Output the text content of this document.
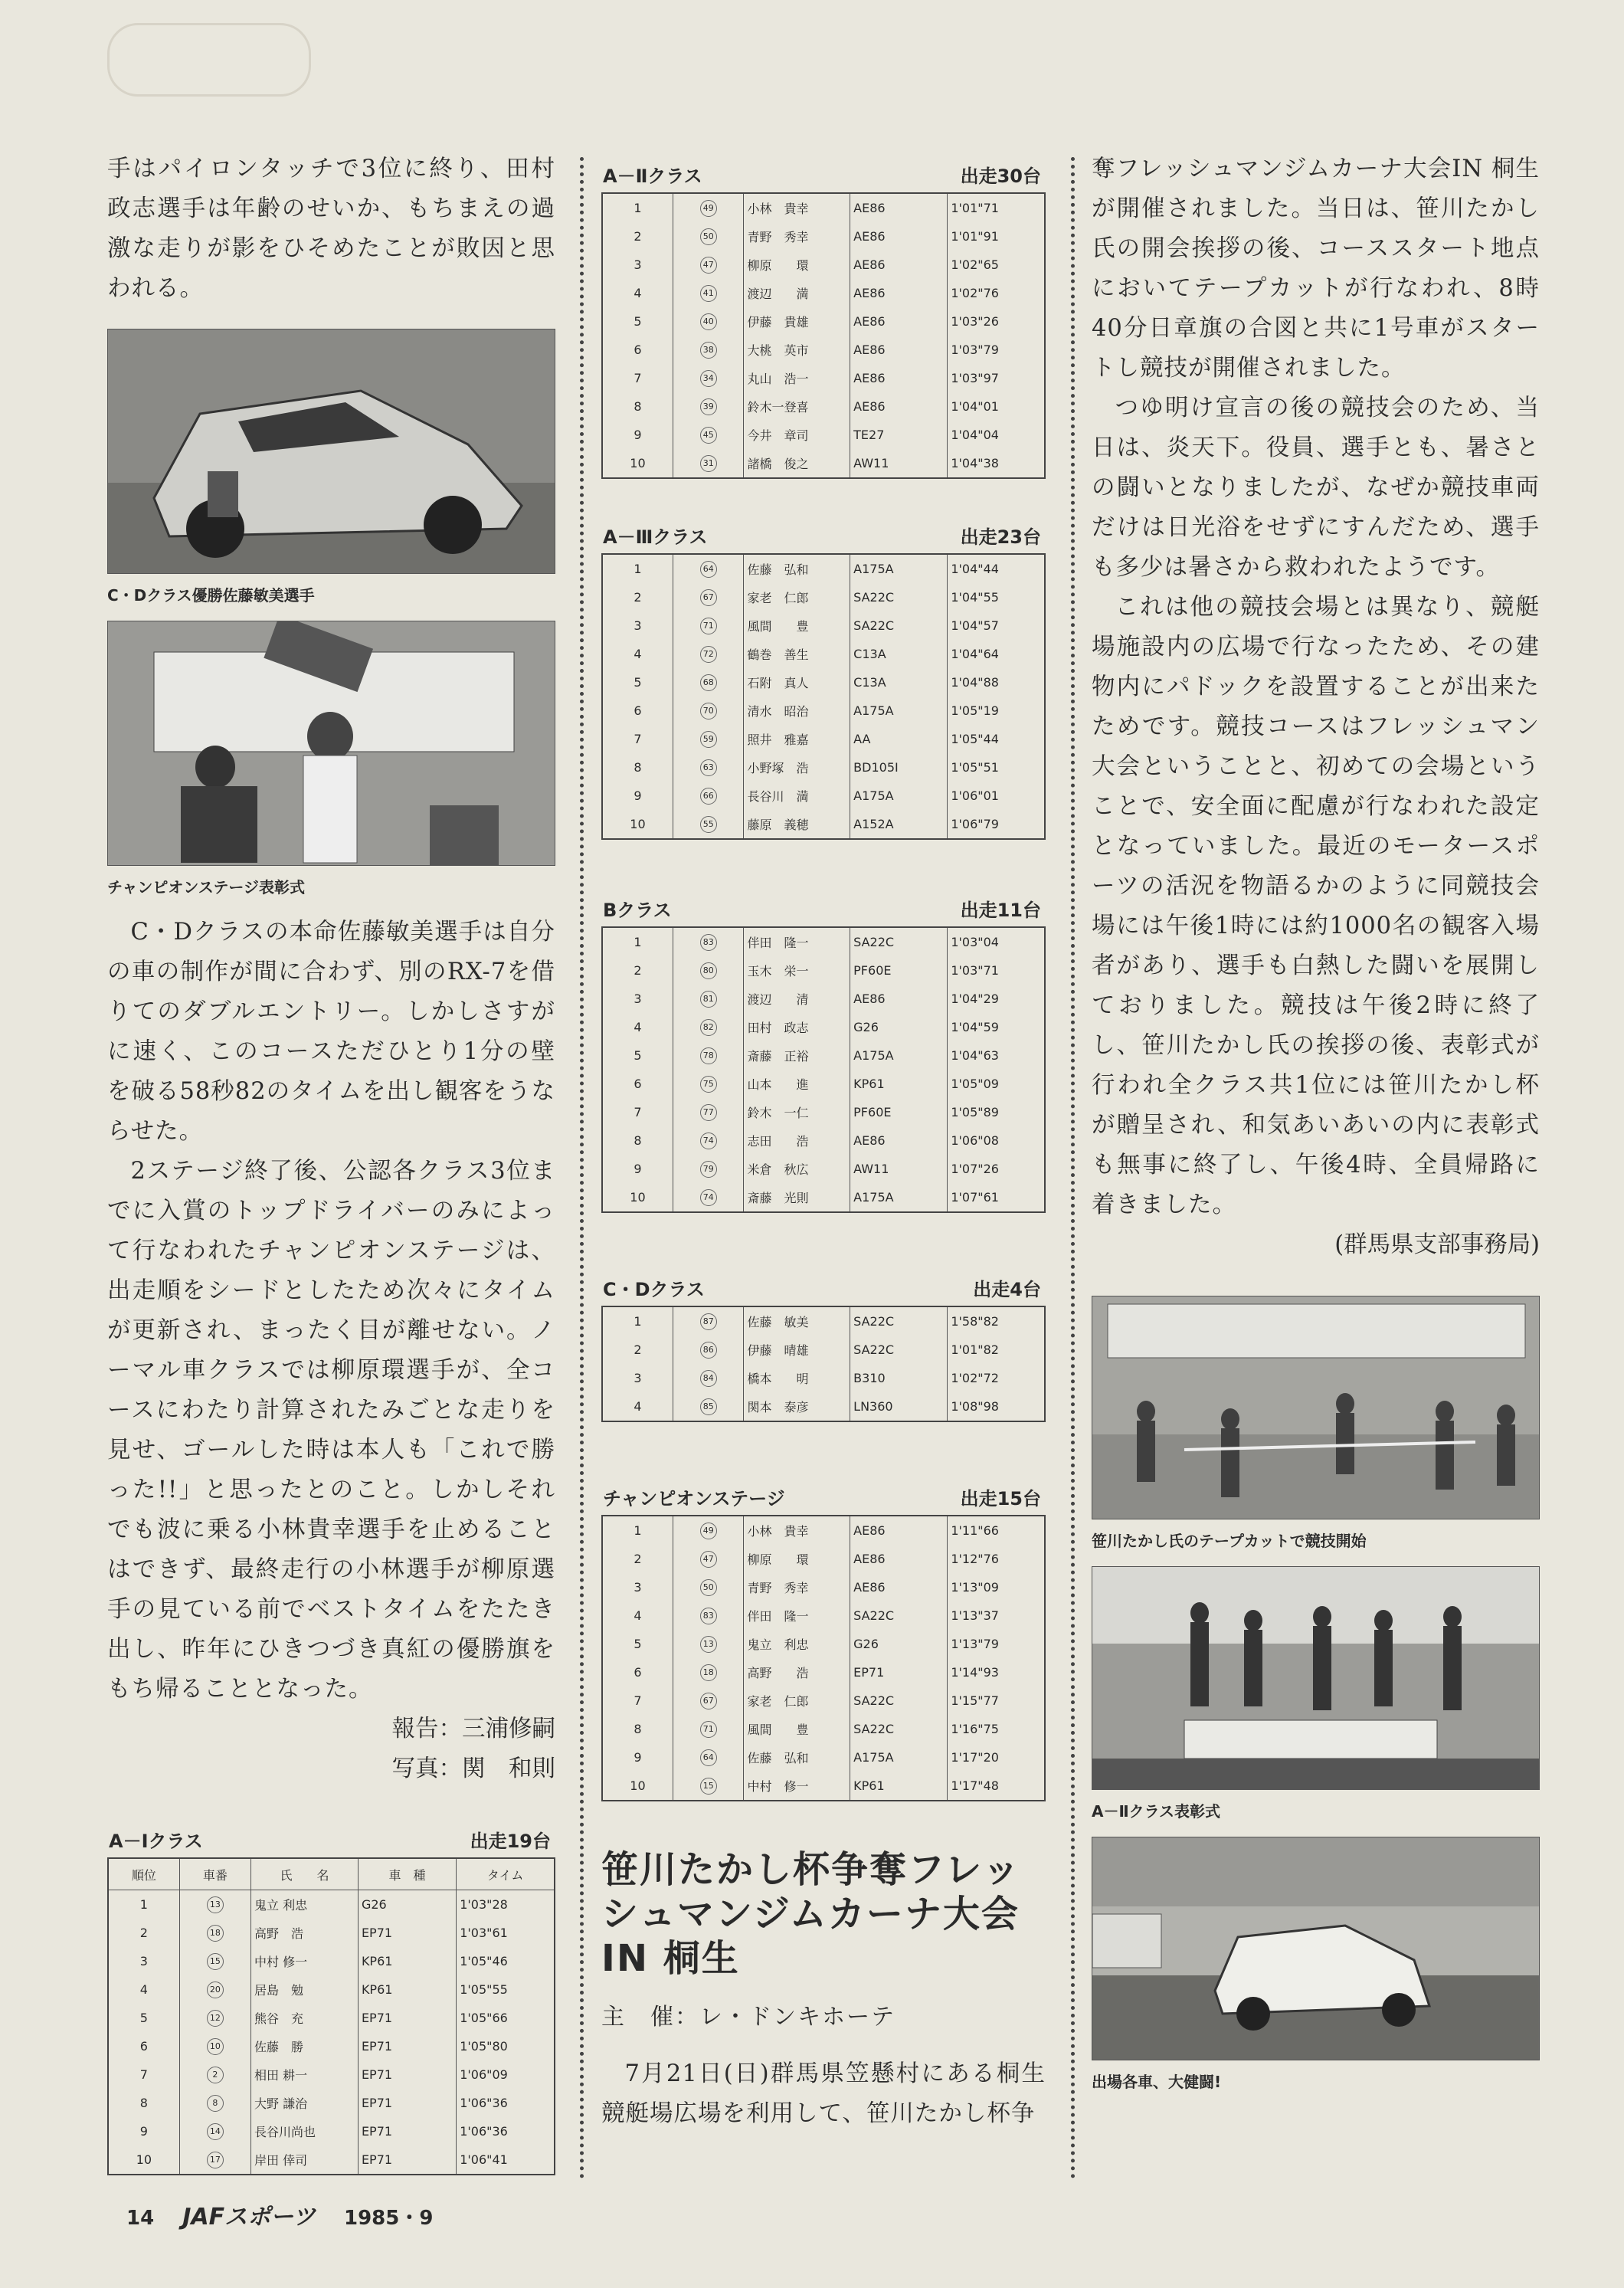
手はパイロンタッチで3位に終り、田村政志選手は年齢のせいか、もちまえの過激な走りが影をひそめたことが敗因と思われる。

C・Dクラス優勝佐藤敏美選手
チャンピオンステージ表彰式

C・Dクラスの本命佐藤敏美選手は自分の車の制作が間に合わず、別のRX-7を借りてのダブルエントリー。しかしさすがに速く、このコースただひとり1分の壁を破る58秒82のタイムを出し観客をうならせた。

2ステージ終了後、公認各クラス3位までに入賞のトップドライバーのみによって行なわれたチャンピオンステージは、出走順をシードとしたため次々にタイムが更新され、まったく目が離せない。ノーマル車クラスでは柳原環選手が、全コースにわたり計算されたみごとな走りを見せ、ゴールした時は本人も「これで勝った!!」と思ったとのこと。しかしそれでも波に乗る小林貴幸選手を止めることはできず、最終走行の小林選手が柳原選手の見ている前でベストタイムをたたき出し、昨年にひきつづき真紅の優勝旗をもち帰ることとなった。

報告：三浦修嗣
写真：関　和則
A－Ⅰクラス	出走19台
順位	車番	氏　　名	車　種	タイム
1	13	鬼立 利忠	G26	1'03"28
2	18	高野　浩	EP71	1'03"61
3	15	中村 修一	KP61	1'05"46
4	20	居島　勉	KP61	1'05"55
5	12	熊谷　充	EP71	1'05"66
6	10	佐藤　勝	EP71	1'05"80
7	2	相田 耕一	EP71	1'06"09
8	8	大野 謙治	EP71	1'06"36
9	14	長谷川尚也	EP71	1'06"36
10	17	岸田 倖司	EP71	1'06"41
A－Ⅱクラス	出走30台
1	49	小林　貴幸	AE86	1'01"71
2	50	青野　秀幸	AE86	1'01"91
3	47	柳原　　環	AE86	1'02"65
4	41	渡辺　　満	AE86	1'02"76
5	40	伊藤　貴雄	AE86	1'03"26
6	38	大桃　英市	AE86	1'03"79
7	34	丸山　浩一	AE86	1'03"97
8	39	鈴木一登喜	AE86	1'04"01
9	45	今井　章司	TE27	1'04"04
10	31	諸橋　俊之	AW11	1'04"38
A－Ⅲクラス	出走23台
1	64	佐藤　弘和	A175A	1'04"44
2	67	家老　仁郎	SA22C	1'04"55
3	71	風間　　豊	SA22C	1'04"57
4	72	鶴巻　善生	C13A	1'04"64
5	68	石附　真人	C13A	1'04"88
6	70	清水　昭治	A175A	1'05"19
7	59	照井　雅嘉	AA	1'05"44
8	63	小野塚　浩	BD105I	1'05"51
9	66	長谷川　満	A175A	1'06"01
10	55	藤原　義穂	A152A	1'06"79
Bクラス	出走11台
1	83	伴田　隆一	SA22C	1'03"04
2	80	玉木　栄一	PF60E	1'03"71
3	81	渡辺　　清	AE86	1'04"29
4	82	田村　政志	G26	1'04"59
5	78	斎藤　正裕	A175A	1'04"63
6	75	山本　　進	KP61	1'05"09
7	77	鈴木　一仁	PF60E	1'05"89
8	74	志田　　浩	AE86	1'06"08
9	79	米倉　秋広	AW11	1'07"26
10	74	斎藤　光則	A175A	1'07"61
C・Dクラス	出走4台
1	87	佐藤　敏美	SA22C	1'58"82
2	86	伊藤　晴雄	SA22C	1'01"82
3	84	橋本　　明	B310	1'02"72
4	85	関本　泰彦	LN360	1'08"98
チャンピオンステージ	出走15台
1	49	小林　貴幸	AE86	1'11"66
2	47	柳原　　環	AE86	1'12"76
3	50	青野　秀幸	AE86	1'13"09
4	83	伴田　隆一	SA22C	1'13"37
5	13	鬼立　利忠	G26	1'13"79
6	18	高野　　浩	EP71	1'14"93
7	67	家老　仁郎	SA22C	1'15"77
8	71	風間　　豊	SA22C	1'16"75
9	64	佐藤　弘和	A175A	1'17"20
10	15	中村　修一	KP61	1'17"48
笹川たかし杯争奪フレッシュマンジムカーナ大会IN 桐生
主　催：レ・ドンキホーテ

7月21日(日)群馬県笠懸村にある桐生競艇場広場を利用して、笹川たかし杯争

奪フレッシュマンジムカーナ大会IN 桐生が開催されました。当日は、笹川たかし氏の開会挨拶の後、コーススタート地点においてテープカットが行なわれ、8時40分日章旗の合図と共に1号車がスタートし競技が開催されました。

つゆ明け宣言の後の競技会のため、当日は、炎天下。役員、選手とも、暑さとの闘いとなりましたが、なぜか競技車両だけは日光浴をせずにすんだため、選手も多少は暑さから救われたようです。

これは他の競技会場とは異なり、競艇場施設内の広場で行なったため、その建物内にパドックを設置することが出来たためです。競技コースはフレッシュマン大会ということと、初めての会場ということで、安全面に配慮が行なわれた設定となっていました。最近のモータースポーツの活況を物語るかのように同競技会場には午後1時には約1000名の観客入場者があり、選手も白熱した闘いを展開しておりました。競技は午後2時に終了し、笹川たかし氏の挨拶の後、表彰式が行われ全クラス共1位には笹川たかし杯が贈呈され、和気あいあいの内に表彰式も無事に終了し、午後4時、全員帰路に着きました。

(群馬県支部事務局)
笹川たかし氏のテープカットで競技開始
A－Ⅱクラス表彰式
出場各車、大健闘!
14 JAFスポーツ 1985・9
